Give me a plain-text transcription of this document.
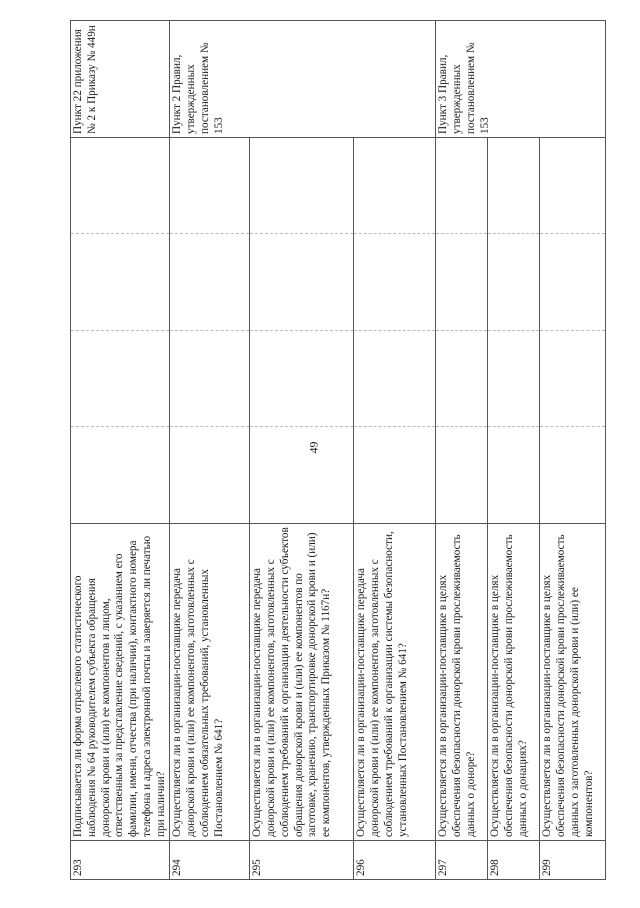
49
293	Подписывается ли форма отраслевого статистического наблюдения № 64 руководителем субъекта обращения донорской крови и (или) ее компонентов и лицом, ответственным за представление сведений, с указанием его фамилии, имени, отчества (при наличии), контактного номера телефона и адреса электронной почты и заверяется ли печатью при наличии?					Пункт 22 приложения № 2 к Приказу № 449н
294	Осуществляется ли в организации-поставщике передача донорской крови и (или) ее компонентов, заготовленных с соблюдением обязательных требований, установленных Постановлением № 641?					Пункт 2 Правил, утвержденных постановлением № 153
295	Осуществляется ли в организации-поставщике передача донорской крови и (или) ее компонентов, заготовленных с соблюдением требований к организации деятельности субъектов обращения донорской крови и (или) ее компонентов по заготовке, хранению, транспортировке донорской крови и (или) ее компонентов, утвержденных Приказом № 1167н?					
296	Осуществляется ли в организации-поставщике передача донорской крови и (или) ее компонентов, заготовленных с соблюдением требований к организации системы безопасности, установленных Постановлением № 641?					
297	Осуществляется ли в организации-поставщике в целях обеспечения безопасности донорской крови прослеживаемость данных о доноре?					Пункт 3 Правил, утвержденных постановлением № 153
298	Осуществляется ли в организации-поставщике в целях обеспечения безопасности донорской крови прослеживаемость данных о донациях?					
299	Осуществляется ли в организации-поставщике в целях обеспечения безопасности донорской крови прослеживаемость данных о заготовленных донорской крови и (или) ее компонентов?					
